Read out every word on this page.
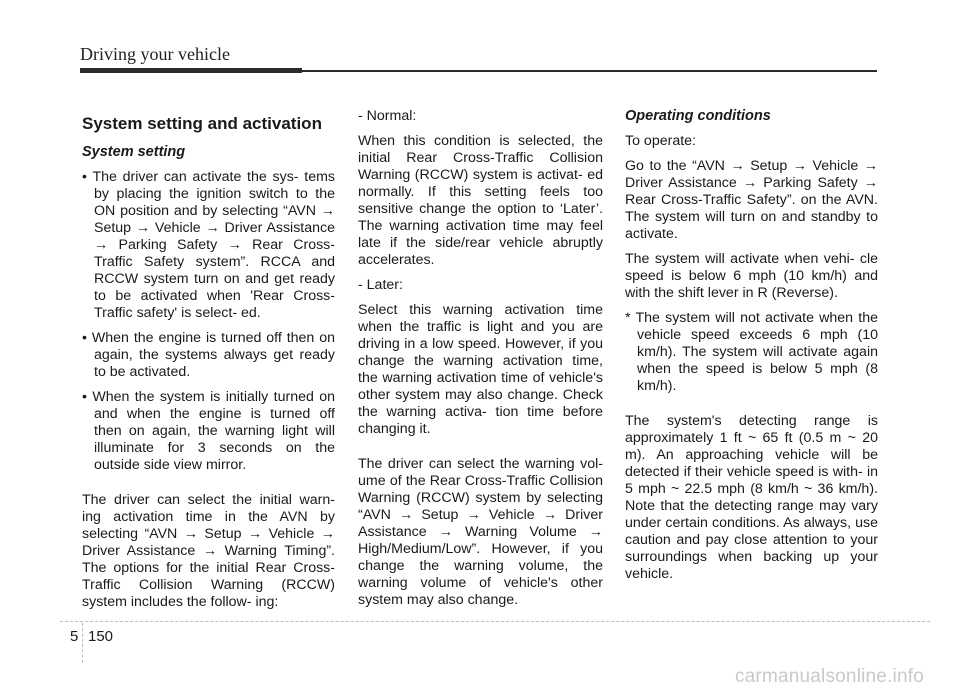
Driving your vehicle
System setting and activation
System setting

• The driver can activate the sys- tems by placing the ignition switch to the ON position and by selecting “AVN → Setup → Vehicle → Driver Assistance → Parking Safety → Rear Cross-Traffic Safety system”. RCCA and RCCW system turn on and get ready to be activated when 'Rear Cross-Traffic safety' is select- ed.

• When the engine is turned off then on again, the systems always get ready to be activated.

• When the system is initially turned on and when the engine is turned off then on again, the warning light will illuminate for 3 seconds on the outside side view mirror.

The driver can select the initial warn- ing activation time in the AVN by selecting “AVN → Setup → Vehicle → Driver Assistance → Warning Timing”. The options for the initial Rear Cross-Traffic Collision Warning (RCCW) system includes the follow- ing:

- Normal:

When this condition is selected, the initial Rear Cross-Traffic Collision Warning (RCCW) system is activat- ed normally. If this setting feels too sensitive change the option to ‘Later’. The warning activation time may feel late if the side/rear vehicle abruptly accelerates.

- Later:

Select this warning activation time when the traffic is light and you are driving in a low speed. However, if you change the warning activation time, the warning activation time of vehicle's other system may also change. Check the warning activa- tion time before changing it.

The driver can select the warning vol- ume of the Rear Cross-Traffic Collision Warning (RCCW) system by selecting “AVN → Setup → Vehicle → Driver Assistance → Warning Volume → High/Medium/Low”. However, if you change the warning volume, the warning volume of vehicle's other system may also change.

Operating conditions

To operate:

Go to the “AVN → Setup → Vehicle → Driver Assistance → Parking Safety → Rear Cross-Traffic Safety”. on the AVN. The system will turn on and standby to activate.

The system will activate when vehi- cle speed is below 6 mph (10 km/h) and with the shift lever in R (Reverse).

* The system will not activate when the vehicle speed exceeds 6 mph (10 km/h). The system will activate again when the speed is below 5 mph (8 km/h).

The system's detecting range is approximately 1 ft ~ 65 ft (0.5 m ~ 20 m). An approaching vehicle will be detected if their vehicle speed is with- in 5 mph ~ 22.5 mph (8 km/h ~ 36 km/h). Note that the detecting range may vary under certain conditions. As always, use caution and pay close attention to your surroundings when backing up your vehicle.

5 150
carmanualsonline.info
